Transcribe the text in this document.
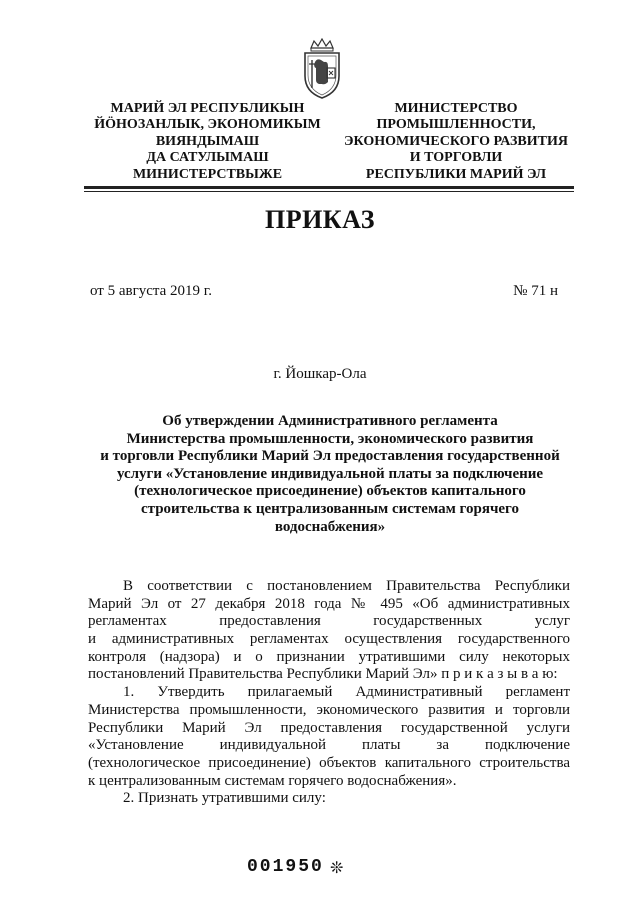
МАРИЙ ЭЛ РЕСПУБЛИКЫН
ЙӦНОЗАНЛЫК, ЭКОНОМИКЫМ
ВИЯНДЫМАШ
ДА САТУЛЫМАШ
МИНИСТЕРСТВЫЖЕ
МИНИСТЕРСТВО
ПРОМЫШЛЕННОСТИ,
ЭКОНОМИЧЕСКОГО РАЗВИТИЯ
И ТОРГОВЛИ
РЕСПУБЛИКИ МАРИЙ ЭЛ
ПРИКАЗ
от 5 августа 2019 г.	№ 71 н
г. Йошкар-Ола
Об утверждении Административного регламента
Министерства промышленности, экономического развития
и торговли Республики Марий Эл предоставления государственной
услуги «Установление индивидуальной платы за подключение
(технологическое присоединение) объектов капитального
строительства к централизованным системам горячего
водоснабжения»
В соответствии с постановлением Правительства Республики
Марий Эл от 27 декабря 2018 года № 495 «Об административных
регламентах предоставления государственных услуг
и административных регламентах осуществления государственного
контроля (надзора) и о признании утратившими силу некоторых
постановлений Правительства Республики Марий Эл» п р и к а з ы в а ю:
1. Утвердить прилагаемый Административный регламент
Министерства промышленности, экономического развития и торговли
Республики Марий Эл предоставления государственной услуги
«Установление индивидуальной платы за подключение
(технологическое присоединение) объектов капитального строительства
к централизованным системам горячего водоснабжения».
2. Признать утратившими силу:
001950 ❊
